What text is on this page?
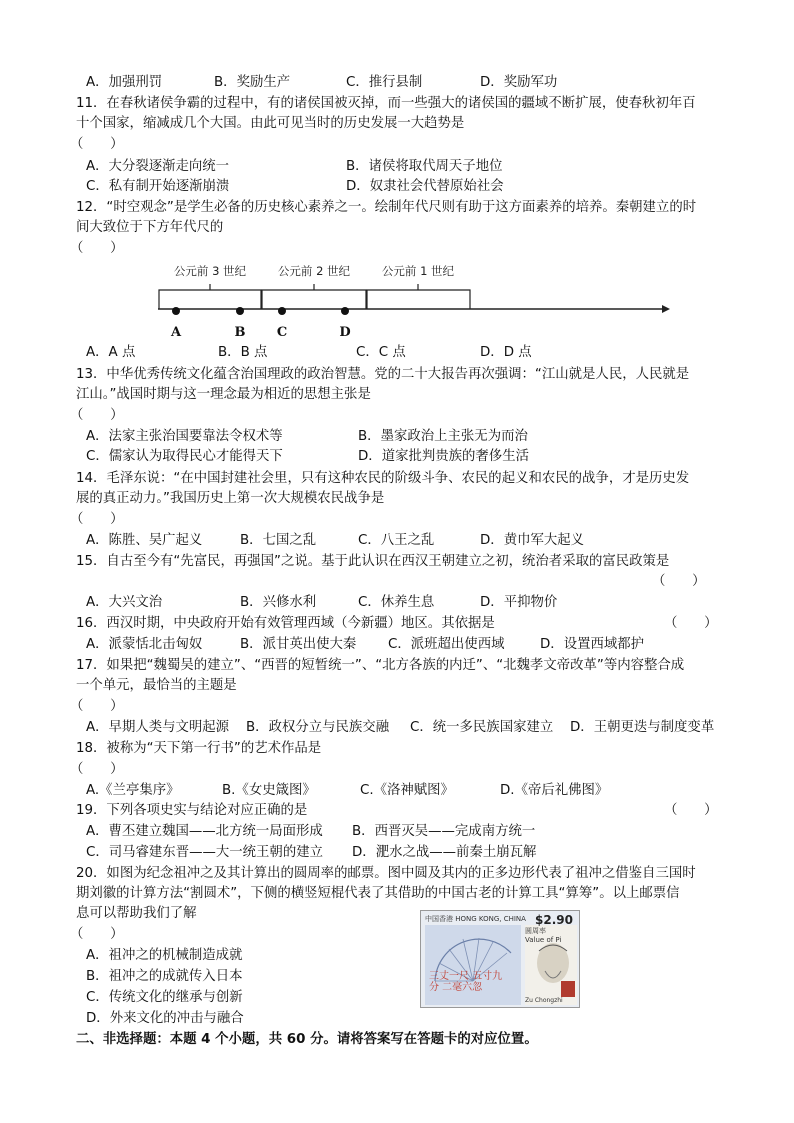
A．加强刑罚	B．奖励生产	C．推行县制	D．奖励军功
11．在春秋诸侯争霸的过程中，有的诸侯国被灭掉，而一些强大的诸侯国的疆域不断扩展，使春秋初年百
十个国家，缩减成几个大国。由此可见当时的历史发展一大趋势是
（　　）
A．大分裂逐渐走向统一	B．诸侯将取代周天子地位
C．私有制开始逐渐崩溃	D．奴隶社会代替原始社会
12．“时空观念”是学生必备的历史核心素养之一。绘制年代尺则有助于这方面素养的培养。秦朝建立的时
间大致位于下方年代尺的
（　　）
公元前 3 世纪	公元前 2 世纪	公元前 1 世纪
A	B C	D
A．A 点	B．B 点	C．C 点	D．D 点
13．中华优秀传统文化蕴含治国理政的政治智慧。党的二十大报告再次强调：“江山就是人民，人民就是
江山。”战国时期与这一理念最为相近的思想主张是
（　　）
A．法家主张治国要靠法令权术等	B．墨家政治上主张无为而治
C．儒家认为取得民心才能得天下	D．道家批判贵族的奢侈生活
14．毛泽东说：“在中国封建社会里，只有这种农民的阶级斗争、农民的起义和农民的战争，才是历史发
展的真正动力。”我国历史上第一次大规模农民战争是
（　　）
A．陈胜、吴广起义	B．七国之乱	C．八王之乱	D．黄巾军大起义
15．自古至今有“先富民，再强国”之说。基于此认识在西汉王朝建立之初，统治者采取的富民政策是
（　　）
A．大兴文治	B．兴修水利	C．休养生息	D．平抑物价
16．西汉时期，中央政府开始有效管理西域（今新疆）地区。其依据是	（　　）
A．派蒙恬北击匈奴	B．派甘英出使大秦 C．派班超出使西域	D．设置西域都护
17．如果把“魏蜀吴的建立”、“西晋的短暂统一”、“北方各族的内迁”、“北魏孝文帝改革”等内容整合成
一个单元，最恰当的主题是
（　　）
A．早期人类与文明起源 B．政权分立与民族交融 C．统一多民族国家建立 D．王朝更迭与制度变革
18．被称为“天下第一行书”的艺术作品是
（　　）
A.《兰亭集序》	B.《女史箴图》	C.《洛神赋图》	D.《帝后礼佛图》
19．下列各项史实与结论对应正确的是	（　　）
A．曹丕建立魏国——北方统一局面形成 B．西晋灭吴——完成南方统一
C．司马睿建东晋——大一统王朝的建立 D．淝水之战——前秦土崩瓦解
20．如图为纪念祖冲之及其计算出的圆周率的邮票。图中圆及其内的正多边形代表了祖冲之借鉴自三国时
期刘徽的计算方法“割圆术”，下侧的横竖短棍代表了其借助的中国古老的计算工具“算筹”。以上邮票信
息可以帮助我们了解
（　　）
A．祖冲之的机械制造成就
B．祖冲之的成就传入日本
C．传统文化的继承与创新
D．外来文化的冲击与融合
中国香港 HONG KONG, CHINA $2.90
圆周率
Value of Pi
三丈一尺 五寸九分 二毫六忽
Zu Chongzhi
二、非选择题：本题 4 个小题，共 60 分。请将答案写在答题卡的对应位置。
